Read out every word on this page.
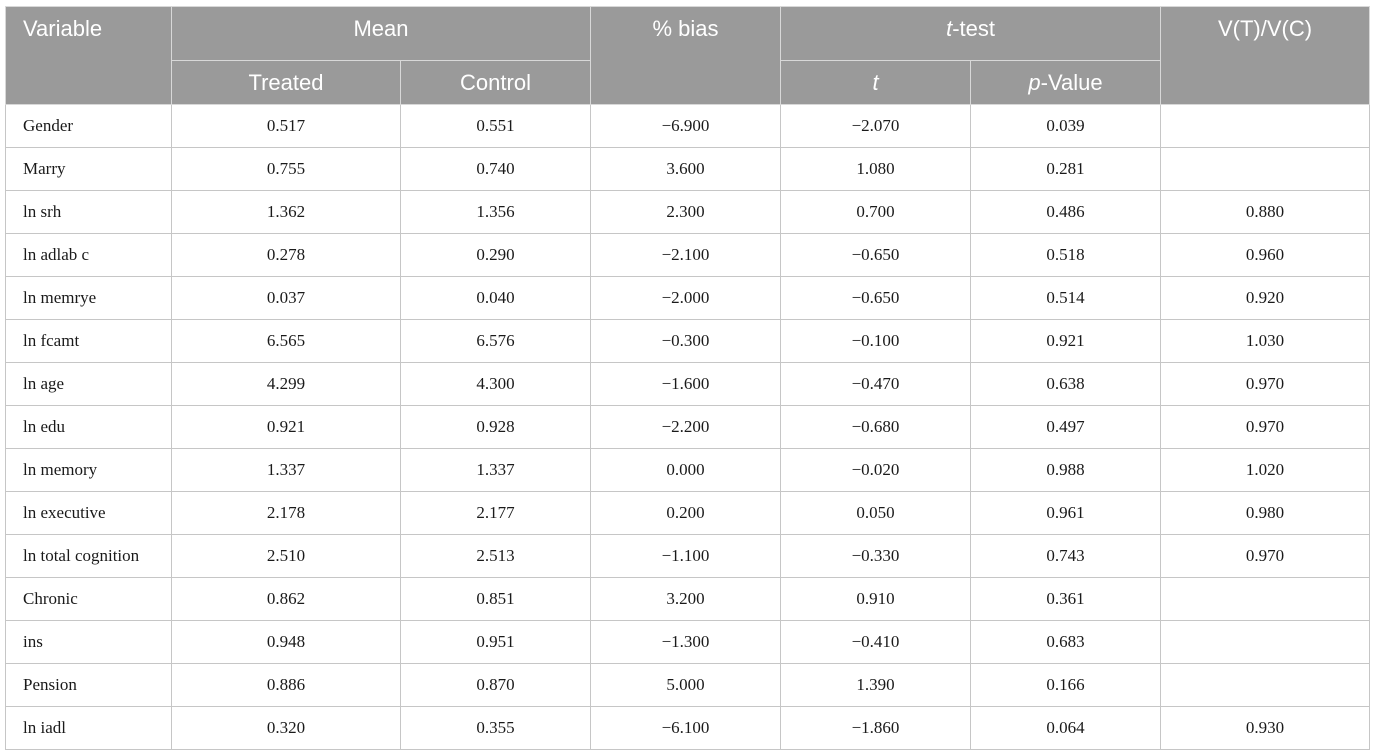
Variable	Mean		% bias	t-test		V(T)/V(C)
	Treated	Control		t	p-Value	
Gender	0.517	0.551	−6.900	−2.070	0.039	
Marry	0.755	0.740	3.600	1.080	0.281	
ln srh	1.362	1.356	2.300	0.700	0.486	0.880
ln adlab c	0.278	0.290	−2.100	−0.650	0.518	0.960
ln memrye	0.037	0.040	−2.000	−0.650	0.514	0.920
ln fcamt	6.565	6.576	−0.300	−0.100	0.921	1.030
ln age	4.299	4.300	−1.600	−0.470	0.638	0.970
ln edu	0.921	0.928	−2.200	−0.680	0.497	0.970
ln memory	1.337	1.337	0.000	−0.020	0.988	1.020
ln executive	2.178	2.177	0.200	0.050	0.961	0.980
ln total cognition	2.510	2.513	−1.100	−0.330	0.743	0.970
Chronic	0.862	0.851	3.200	0.910	0.361	
ins	0.948	0.951	−1.300	−0.410	0.683	
Pension	0.886	0.870	5.000	1.390	0.166	
ln iadl	0.320	0.355	−6.100	−1.860	0.064	0.930
